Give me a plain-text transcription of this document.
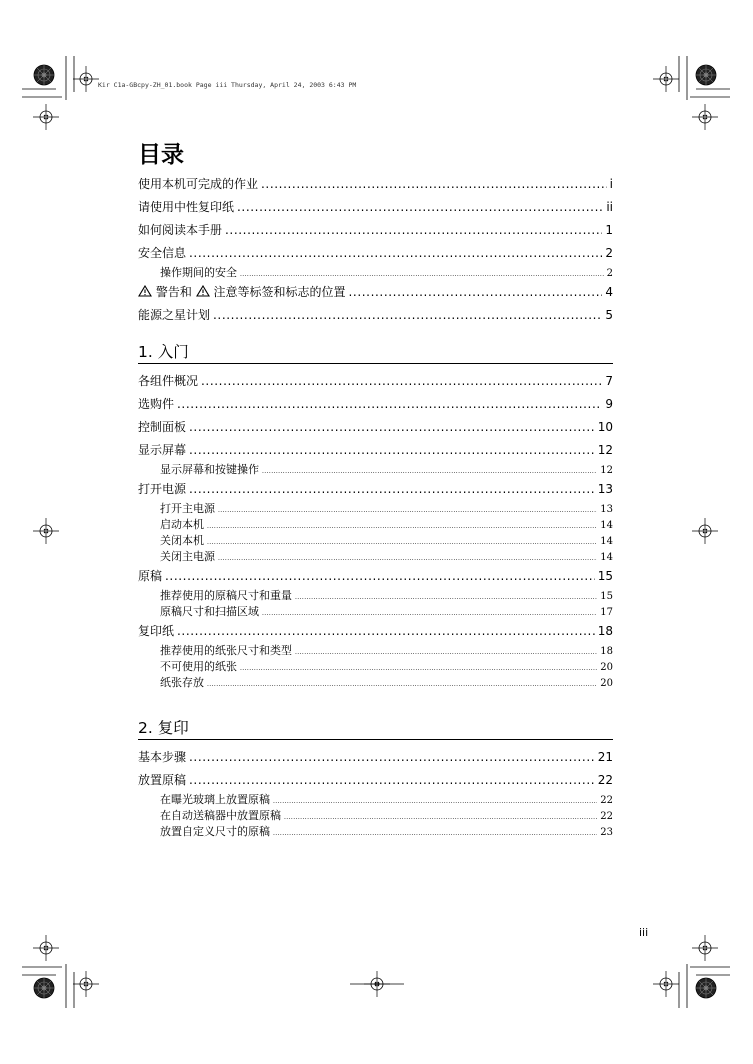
Kir C1a-GBcpy-ZH_01.book Page iii Thursday, April 24, 2003 6:43 PM
目录
使用本机可完成的作业 .....	i
请使用中性复印纸 .....	ii
如何阅读本手册 .....	1
安全信息 .....	2
操作期间的安全 .....	2
警告和 注意等标签和标志的位置 .....	4
能源之星计划 .....	5
1. 入门
各组件概况 .....	7
选购件 .....	9
控制面板 .....	10
显示屏幕 .....	12
显示屏幕和按键操作 .....	12
打开电源 .....	13
打开主电源 .....	13
启动本机 .....	14
关闭本机 .....	14
关闭主电源 .....	14
原稿 .....	15
推荐使用的原稿尺寸和重量 .....	15
原稿尺寸和扫描区域 .....	17
复印纸 .....	18
推荐使用的纸张尺寸和类型 .....	18
不可使用的纸张 .....	20
纸张存放 .....	20
2. 复印
基本步骤 .....	21
放置原稿 .....	22
在曝光玻璃上放置原稿 .....	22
在自动送稿器中放置原稿 .....	22
放置自定义尺寸的原稿 .....	23
iii
